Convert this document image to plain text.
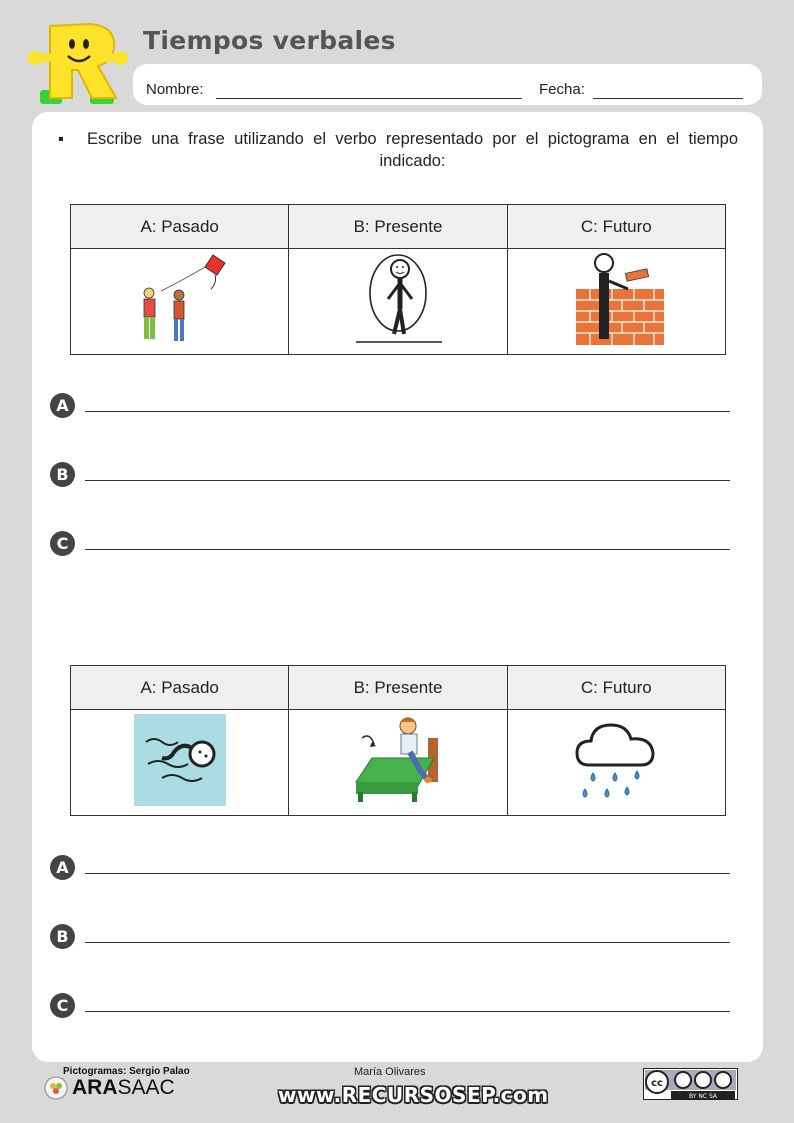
Tiempos verbales
Nombre:	Fecha:
▪ Escribe una frase utilizando el verbo representado por el pictograma en el tiempo indicado:
A: Pasado	B: Presente	C: Futuro

A
B
C
A: Pasado	B: Presente	C: Futuro

A
B
C
Pictogramas: Sergio Palao
ARA SAAC
María Olivares
www.RECURSOSEP.com	cc
BY NC SA
